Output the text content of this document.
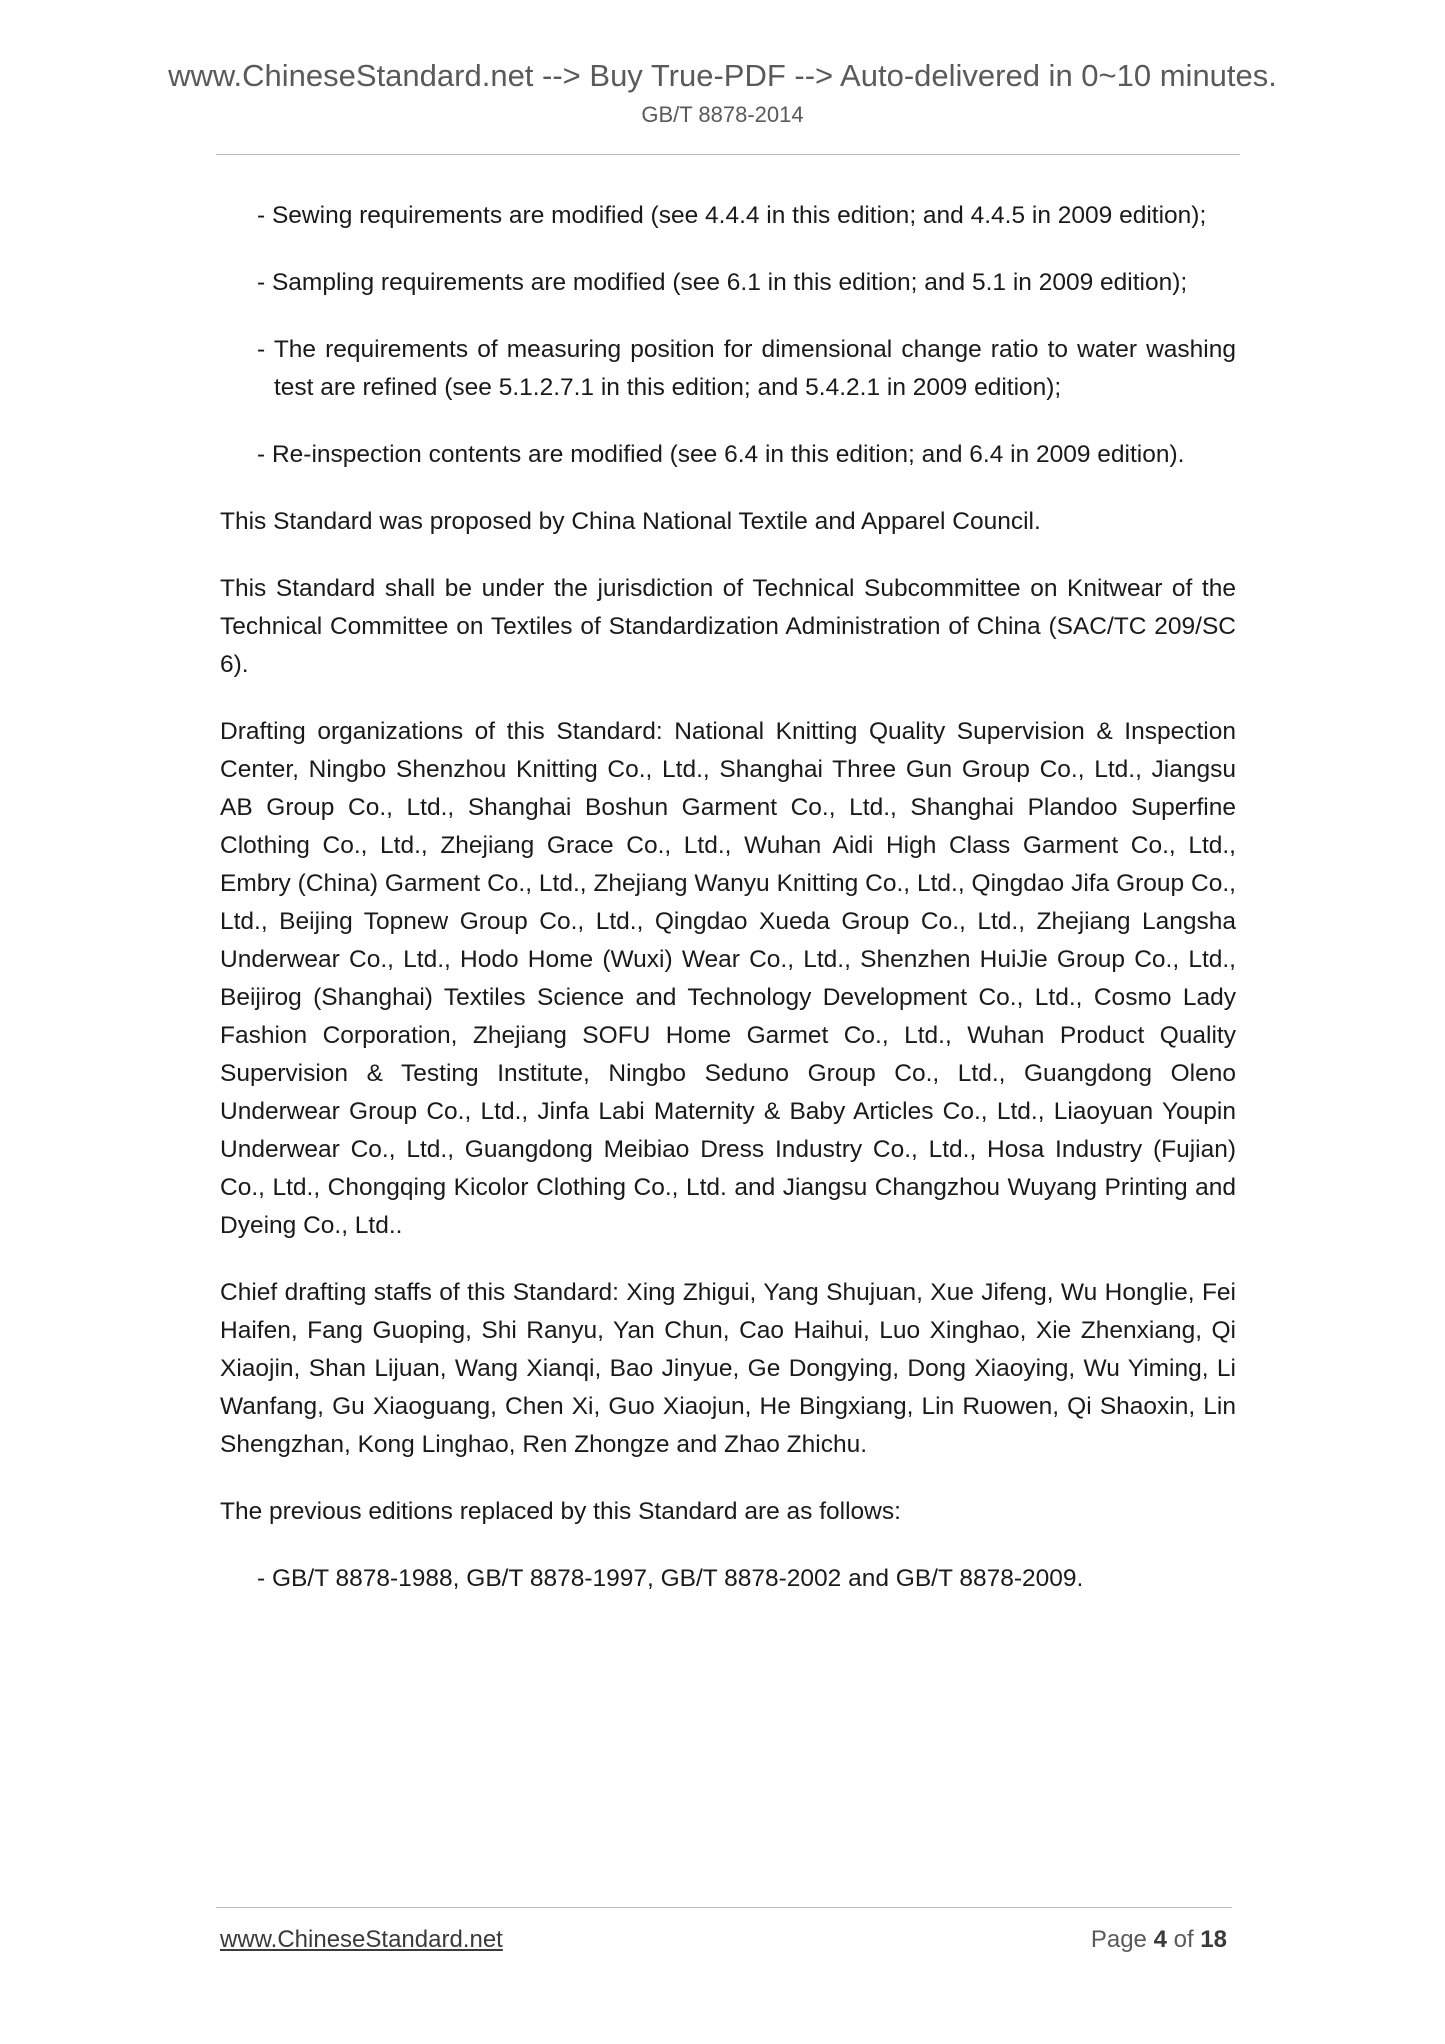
www.ChineseStandard.net --> Buy True-PDF --> Auto-delivered in 0~10 minutes.
GB/T 8878-2014

- Sewing requirements are modified (see 4.4.4 in this edition; and 4.4.5 in 2009 edition);

- Sampling requirements are modified (see 6.1 in this edition; and 5.1 in 2009 edition);

- The requirements of measuring position for dimensional change ratio to water washing test are refined (see 5.1.2.7.1 in this edition; and 5.4.2.1 in 2009 edition);

- Re-inspection contents are modified (see 6.4 in this edition; and 6.4 in 2009 edition).

This Standard was proposed by China National Textile and Apparel Council.

This Standard shall be under the jurisdiction of Technical Subcommittee on Knitwear of the Technical Committee on Textiles of Standardization Administration of China (SAC/TC 209/SC 6).

Drafting organizations of this Standard: National Knitting Quality Supervision & Inspection Center, Ningbo Shenzhou Knitting Co., Ltd., Shanghai Three Gun Group Co., Ltd., Jiangsu AB Group Co., Ltd., Shanghai Boshun Garment Co., Ltd., Shanghai Plandoo Superfine Clothing Co., Ltd., Zhejiang Grace Co., Ltd., Wuhan Aidi High Class Garment Co., Ltd., Embry (China) Garment Co., Ltd., Zhejiang Wanyu Knitting Co., Ltd., Qingdao Jifa Group Co., Ltd., Beijing Topnew Group Co., Ltd., Qingdao Xueda Group Co., Ltd., Zhejiang Langsha Underwear Co., Ltd., Hodo Home (Wuxi) Wear Co., Ltd., Shenzhen HuiJie Group Co., Ltd., Beijirog (Shanghai) Textiles Science and Technology Development Co., Ltd., Cosmo Lady Fashion Corporation, Zhejiang SOFU Home Garmet Co., Ltd., Wuhan Product Quality Supervision & Testing Institute, Ningbo Seduno Group Co., Ltd., Guangdong Oleno Underwear Group Co., Ltd., Jinfa Labi Maternity & Baby Articles Co., Ltd., Liaoyuan Youpin Underwear Co., Ltd., Guangdong Meibiao Dress Industry Co., Ltd., Hosa Industry (Fujian) Co., Ltd., Chongqing Kicolor Clothing Co., Ltd. and Jiangsu Changzhou Wuyang Printing and Dyeing Co., Ltd..

Chief drafting staffs of this Standard: Xing Zhigui, Yang Shujuan, Xue Jifeng, Wu Honglie, Fei Haifen, Fang Guoping, Shi Ranyu, Yan Chun, Cao Haihui, Luo Xinghao, Xie Zhenxiang, Qi Xiaojin, Shan Lijuan, Wang Xianqi, Bao Jinyue, Ge Dongying, Dong Xiaoying, Wu Yiming, Li Wanfang, Gu Xiaoguang, Chen Xi, Guo Xiaojun, He Bingxiang, Lin Ruowen, Qi Shaoxin, Lin Shengzhan, Kong Linghao, Ren Zhongze and Zhao Zhichu.

The previous editions replaced by this Standard are as follows:

- GB/T 8878-1988, GB/T 8878-1997, GB/T 8878-2002 and GB/T 8878-2009.

www.ChineseStandard.net	Page 4 of 18
